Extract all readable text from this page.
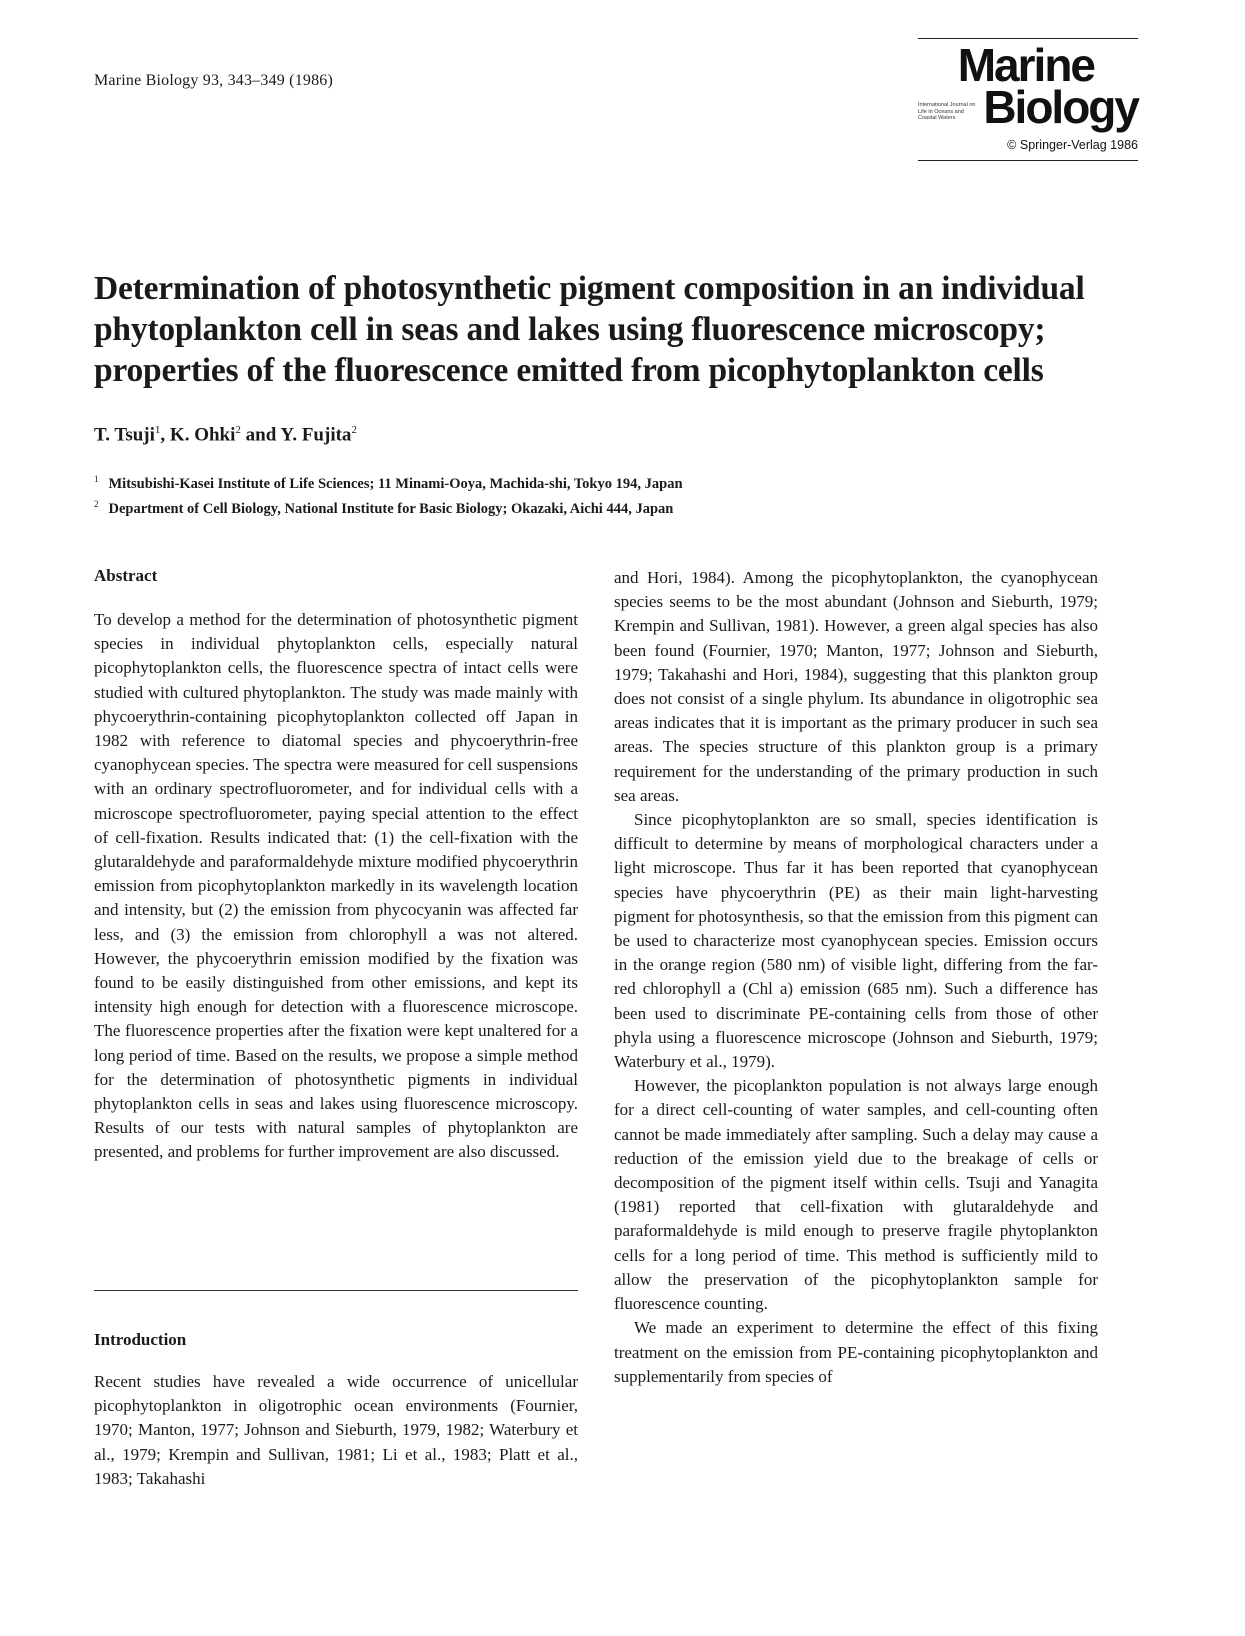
Marine Biology 93, 343–349 (1986)	Marine
International Journal on Life in Oceans and Coastal Waters Biology
© Springer-Verlag 1986
Determination of photosynthetic pigment composition in an individual
phytoplankton cell in seas and lakes using fluorescence microscopy;
properties of the fluorescence emitted from picophytoplankton cells
T. Tsuji$^1$, K. Ohki$^2$ and Y. Fujita$^2$
$^1$ Mitsubishi-Kasei Institute of Life Sciences; 11 Minami-Ooya, Machida-shi, Tokyo 194, Japan
$^2$ Department of Cell Biology, National Institute for Basic Biology; Okazaki, Aichi 444, Japan
Abstract
To develop a method for the determination of photosynthetic pigment species in individual phytoplankton cells, especially natural picophytoplankton cells, the fluorescence spectra of intact cells were studied with cultured phytoplankton. The study was made mainly with phycoerythrin-containing picophytoplankton collected off Japan in 1982 with reference to diatomal species and phycoerythrin-free cyanophycean species. The spectra were measured for cell suspensions with an ordinary spectrofluorometer, and for individual cells with a microscope spectrofluorometer, paying special attention to the effect of cell-fixation. Results indicated that: (1) the cell-fixation with the glutaraldehyde and paraformaldehyde mixture modified phycoerythrin emission from picophytoplankton markedly in its wavelength location and intensity, but (2) the emission from phycocyanin was affected far less, and (3) the emission from chlorophyll a was not altered. However, the phycoerythrin emission modified by the fixation was found to be easily distinguished from other emissions, and kept its intensity high enough for detection with a fluorescence microscope. The fluorescence properties after the fixation were kept unaltered for a long period of time. Based on the results, we propose a simple method for the determination of photosynthetic pigments in individual phytoplankton cells in seas and lakes using fluorescence microscopy. Results of our tests with natural samples of phytoplankton are presented, and problems for further improvement are also discussed.
Introduction
Recent studies have revealed a wide occurrence of unicellular picophytoplankton in oligotrophic ocean environments (Fournier, 1970; Manton, 1977; Johnson and Sieburth, 1979, 1982; Waterbury et al., 1979; Krempin and Sullivan, 1981; Li et al., 1983; Platt et al., 1983; Takahashi

and Hori, 1984). Among the picophytoplankton, the cyanophycean species seems to be the most abundant (Johnson and Sieburth, 1979; Krempin and Sullivan, 1981). However, a green algal species has also been found (Fournier, 1970; Manton, 1977; Johnson and Sieburth, 1979; Takahashi and Hori, 1984), suggesting that this plankton group does not consist of a single phylum. Its abundance in oligotrophic sea areas indicates that it is important as the primary producer in such sea areas. The species structure of this plankton group is a primary requirement for the understanding of the primary production in such sea areas.

Since picophytoplankton are so small, species identification is difficult to determine by means of morphological characters under a light microscope. Thus far it has been reported that cyanophycean species have phycoerythrin (PE) as their main light-harvesting pigment for photosynthesis, so that the emission from this pigment can be used to characterize most cyanophycean species. Emission occurs in the orange region (580 nm) of visible light, differing from the far-red chlorophyll a (Chl a) emission (685 nm). Such a difference has been used to discriminate PE-containing cells from those of other phyla using a fluorescence microscope (Johnson and Sieburth, 1979; Waterbury et al., 1979).

However, the picoplankton population is not always large enough for a direct cell-counting of water samples, and cell-counting often cannot be made immediately after sampling. Such a delay may cause a reduction of the emission yield due to the breakage of cells or decomposition of the pigment itself within cells. Tsuji and Yanagita (1981) reported that cell-fixation with glutaraldehyde and paraformaldehyde is mild enough to preserve fragile phytoplankton cells for a long period of time. This method is sufficiently mild to allow the preservation of the picophytoplankton sample for fluorescence counting.

We made an experiment to determine the effect of this fixing treatment on the emission from PE-containing picophytoplankton and supplementarily from species of
